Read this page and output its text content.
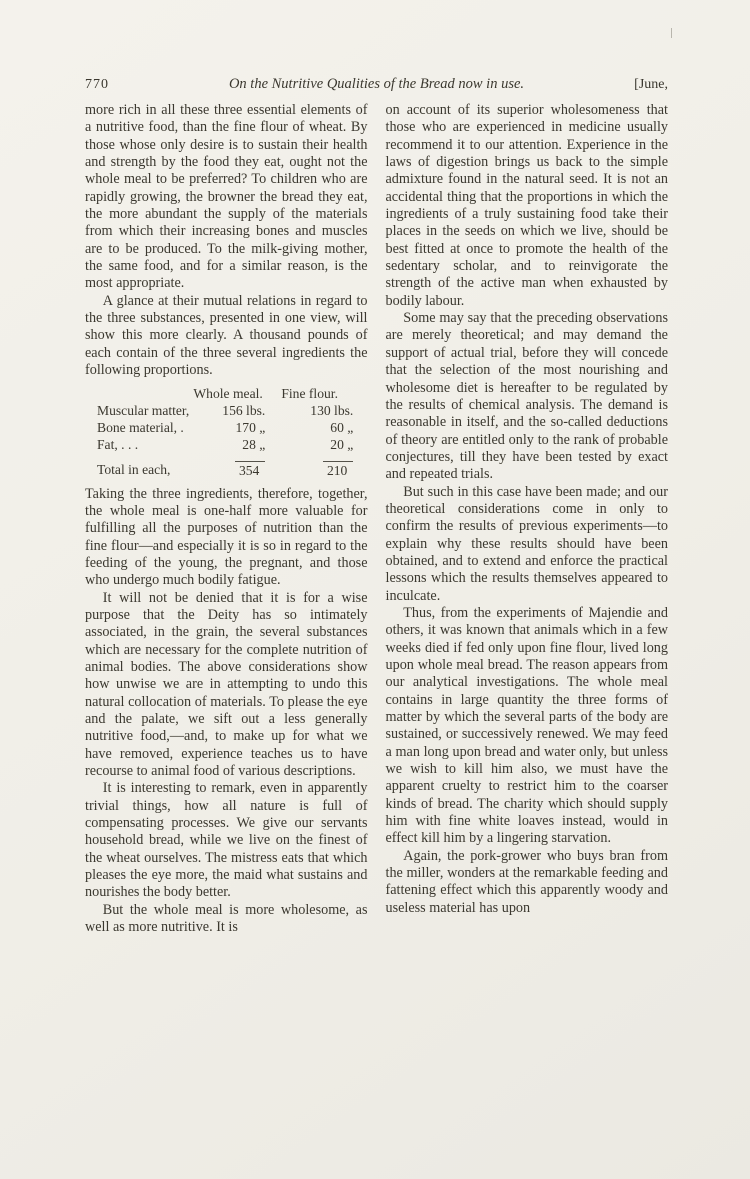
770	On the Nutritive Qualities of the Bread now in use.	[June,

more rich in all these three essential elements of a nutritive food, than the fine flour of wheat. By those whose only desire is to sustain their health and strength by the food they eat, ought not the whole meal to be preferred? To children who are rapidly growing, the browner the bread they eat, the more abundant the supply of the materials from which their increasing bones and muscles are to be produced. To the milk-giving mother, the same food, and for a similar reason, is the most appropriate.

A glance at their mutual relations in regard to the three substances, presented in one view, will show this more clearly. A thousand pounds of each contain of the three several ingredients the following proportions.

	Whole meal.	Fine flour.
Muscular matter,	156 lbs.	130 lbs.
Bone material, .	170 „	60 „
Fat, . . .	28 „	20 „
Total in each,	354	210

Taking the three ingredients, therefore, together, the whole meal is one-half more valuable for fulfilling all the purposes of nutrition than the fine flour—and especially it is so in regard to the feeding of the young, the pregnant, and those who undergo much bodily fatigue.

It will not be denied that it is for a wise purpose that the Deity has so intimately associated, in the grain, the several substances which are necessary for the complete nutrition of animal bodies. The above considerations show how unwise we are in attempting to undo this natural collocation of materials. To please the eye and the palate, we sift out a less generally nutritive food,—and, to make up for what we have removed, experience teaches us to have recourse to animal food of various descriptions.

It is interesting to remark, even in apparently trivial things, how all nature is full of compensating processes. We give our servants household bread, while we live on the finest of the wheat ourselves. The mistress eats that which pleases the eye more, the maid what sustains and nourishes the body better.

But the whole meal is more wholesome, as well as more nutritive. It is

on account of its superior wholesomeness that those who are experienced in medicine usually recommend it to our attention. Experience in the laws of digestion brings us back to the simple admixture found in the natural seed. It is not an accidental thing that the proportions in which the ingredients of a truly sustaining food take their places in the seeds on which we live, should be best fitted at once to promote the health of the sedentary scholar, and to reinvigorate the strength of the active man when exhausted by bodily labour.

Some may say that the preceding observations are merely theoretical; and may demand the support of actual trial, before they will concede that the selection of the most nourishing and wholesome diet is hereafter to be regulated by the results of chemical analysis. The demand is reasonable in itself, and the so-called deductions of theory are entitled only to the rank of probable conjectures, till they have been tested by exact and repeated trials.

But such in this case have been made; and our theoretical considerations come in only to confirm the results of previous experiments—to explain why these results should have been obtained, and to extend and enforce the practical lessons which the results themselves appeared to inculcate.

Thus, from the experiments of Majendie and others, it was known that animals which in a few weeks died if fed only upon fine flour, lived long upon whole meal bread. The reason appears from our analytical investigations. The whole meal contains in large quantity the three forms of matter by which the several parts of the body are sustained, or successively renewed. We may feed a man long upon bread and water only, but unless we wish to kill him also, we must have the apparent cruelty to restrict him to the coarser kinds of bread. The charity which should supply him with fine white loaves instead, would in effect kill him by a lingering starvation.

Again, the pork-grower who buys bran from the miller, wonders at the remarkable feeding and fattening effect which this apparently woody and useless material has upon
